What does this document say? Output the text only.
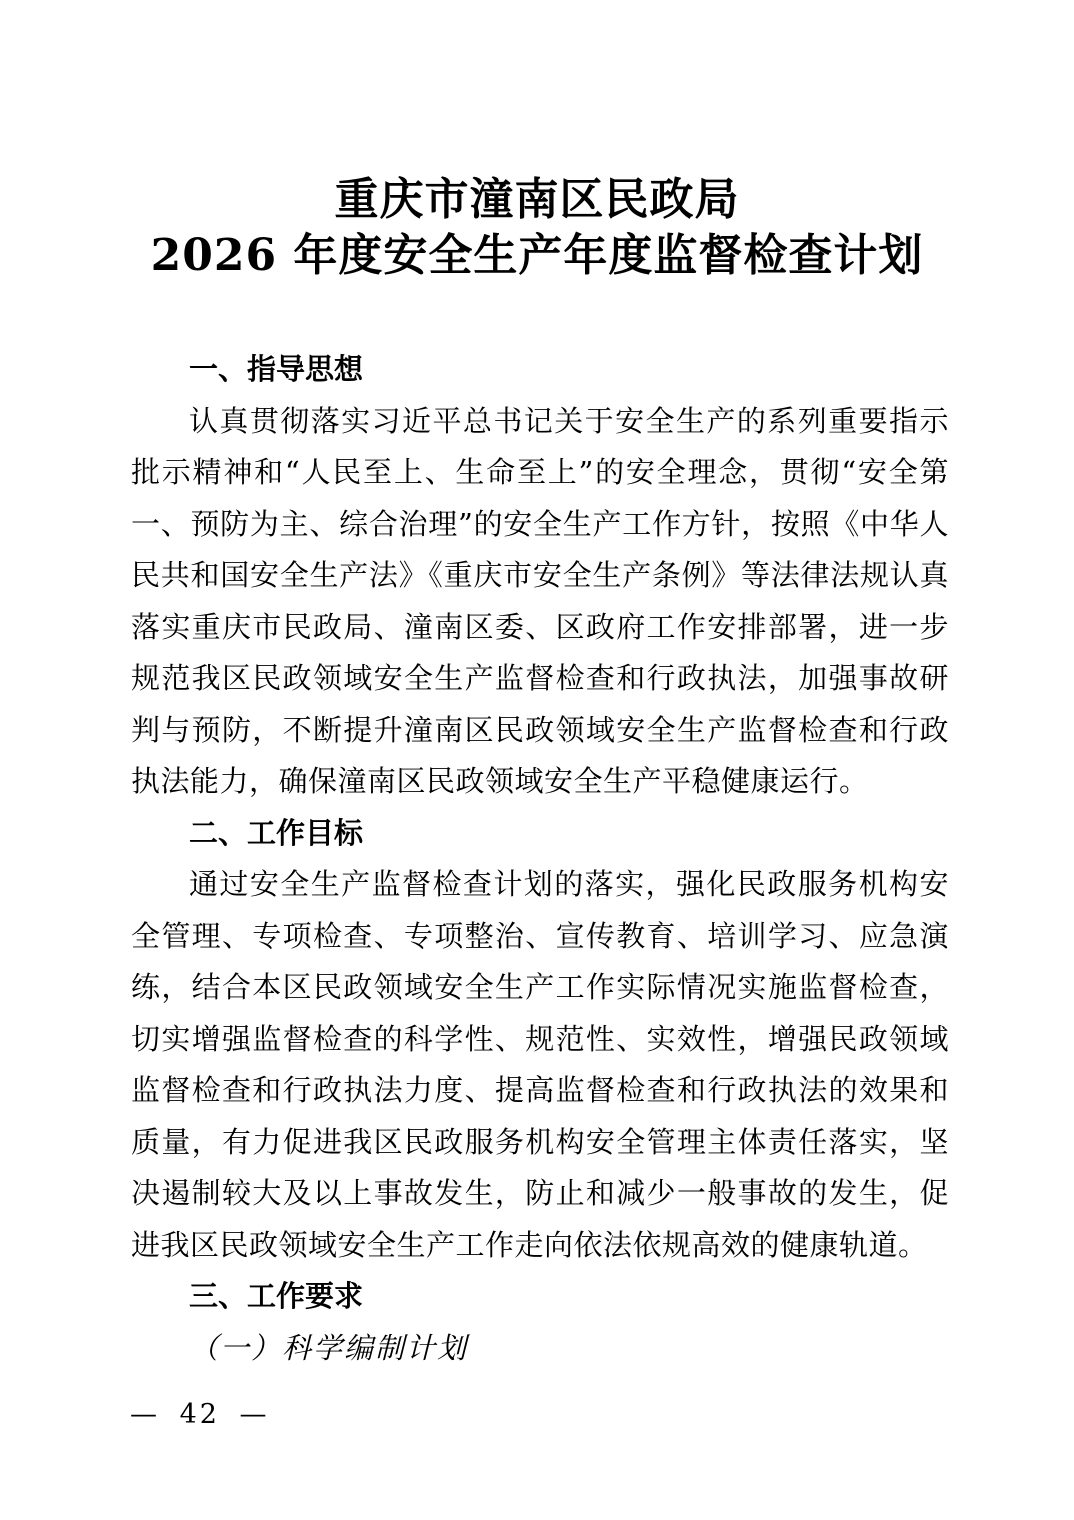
重庆市潼南区民政局
2026 年度安全生产年度监督检查计划
一、指导思想

认真贯彻落实习近平总书记关于安全生产的系列重要指示批示精神和“人民至上、生命至上”的安全理念，贯彻“安全第一、预防为主、综合治理”的安全生产工作方针，按照《中华人民共和国安全生产法》《重庆市安全生产条例》等法律法规认真落实重庆市民政局、潼南区委、区政府工作安排部署，进一步规范我区民政领域安全生产监督检查和行政执法，加强事故研判与预防，不断提升潼南区民政领域安全生产监督检查和行政执法能力，确保潼南区民政领域安全生产平稳健康运行。

二、工作目标

通过安全生产监督检查计划的落实，强化民政服务机构安全管理、专项检查、专项整治、宣传教育、培训学习、应急演练，结合本区民政领域安全生产工作实际情况实施监督检查，切实增强监督检查的科学性、规范性、实效性，增强民政领域监督检查和行政执法力度、提高监督检查和行政执法的效果和质量，有力促进我区民政服务机构安全管理主体责任落实，坚决遏制较大及以上事故发生，防止和减少一般事故的发生，促进我区民政领域安全生产工作走向依法依规高效的健康轨道。

三、工作要求

（一）科学编制计划

— 42 —
